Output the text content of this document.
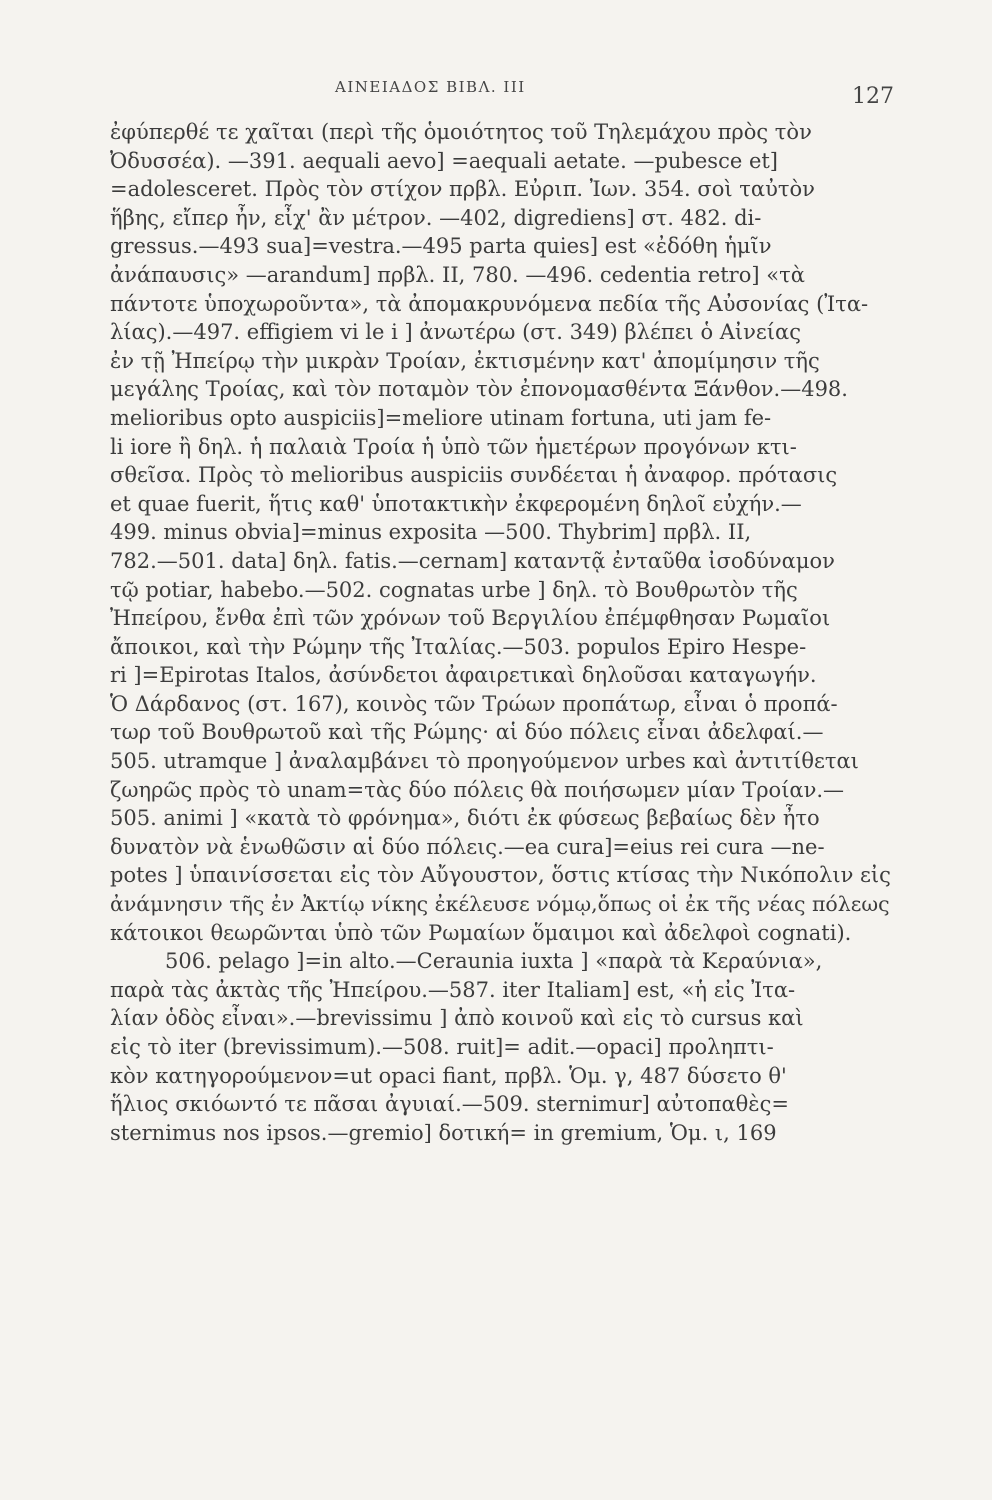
ΑΙΝΕΙΑΔΟΣ ΒΙΒΛ. III	127
ἐφύπερθέ τε χαῖται (περὶ τῆς ὁμοιότητος τοῦ Τηλεμάχου πρὸς τὸν
Ὀδυσσέα). —391. aequali aevo] =aequali aetate. —pubesce et]
=adolesceret. Πρὸς τὸν στίχον πρβλ. Εὐριπ. Ἰων. 354. σοὶ ταὐτὸν
ἥβης, εἴπερ ἦν, εἶχ' ἂν μέτρον. —402, digrediens] στ. 482. di-
gressus.—493 sua]=vestra.—495 parta quies] est «ἐδόθη ἡμῖν
ἀνάπαυσις» —arandum] πρβλ. II, 780. —496. cedentia retro] «τὰ
πάντοτε ὑποχωροῦντα», τὰ ἀπομακρυνόμενα πεδία τῆς Αὐσονίας (Ἰτα-
λίας).—497. effigiem vi le i ] ἀνωτέρω (στ. 349) βλέπει ὁ Αἰνείας
ἐν τῇ Ἠπείρῳ τὴν μικρὰν Τροίαν, ἐκτισμένην κατ' ἀπομίμησιν τῆς
μεγάλης Τροίας, καὶ τὸν ποταμὸν τὸν ἐπονομασθέντα Ξάνθον.—498.
melioribus opto auspiciis]=meliore utinam fortuna, uti jam fe-
li iore ἢ δηλ. ἡ παλαιὰ Τροία ἡ ὑπὸ τῶν ἡμετέρων προγόνων κτι-
σθεῖσα. Πρὸς τὸ melioribus auspiciis συνδέεται ἡ ἀναφορ. πρότασις
et quae fuerit, ἥτις καθ' ὑποτακτικὴν ἐκφερομένη δηλοῖ εὐχήν.—
499. minus obvia]=minus exposita —500. Thybrim] πρβλ. II,
782.—501. data] δηλ. fatis.—cernam] καταντᾷ ἐνταῦθα ἰσοδύναμον
τῷ potiar, habebo.—502. cognatas urbe ] δηλ. τὸ Βουθρωτὸν τῆς
Ἠπείρου, ἔνθα ἐπὶ τῶν χρόνων τοῦ Βεργιλίου ἐπέμφθησαν Ρωμαῖοι
ἄποικοι, καὶ τὴν Ρώμην τῆς Ἰταλίας.—503. populos Epiro Hespe-
ri ]=Epirotas Italos, ἀσύνδετοι ἀφαιρετικαὶ δηλοῦσαι καταγωγήν.
Ὁ Δάρδανος (στ. 167), κοινὸς τῶν Τρώων προπάτωρ, εἶναι ὁ προπά-
τωρ τοῦ Βουθρωτοῦ καὶ τῆς Ρώμης· αἱ δύο πόλεις εἶναι ἀδελφαί.—
505. utramque ] ἀναλαμβάνει τὸ προηγούμενον urbes καὶ ἀντιτίθεται
ζωηρῶς πρὸς τὸ unam=τὰς δύο πόλεις θὰ ποιήσωμεν μίαν Τροίαν.—
505. animi ] «κατὰ τὸ φρόνημα», διότι ἐκ φύσεως βεβαίως δὲν ἦτο
δυνατὸν νὰ ἑνωθῶσιν αἱ δύο πόλεις.—ea cura]=eius rei cura —ne-
potes ] ὑπαινίσσεται εἰς τὸν Αὔγουστον, ὅστις κτίσας τὴν Νικόπολιν εἰς
ἀνάμνησιν τῆς ἐν Ἀκτίῳ νίκης ἐκέλευσε νόμῳ,ὅπως οἱ ἐκ τῆς νέας πόλεως
κάτοικοι θεωρῶνται ὑπὸ τῶν Ρωμαίων ὅμαιμοι καὶ ἀδελφοὶ cognati).
506. pelago ]=in alto.—Ceraunia iuxta ] «παρὰ τὰ Κεραύνια»,
παρὰ τὰς ἀκτὰς τῆς Ἠπείρου.—587. iter Italiam] est, «ἡ εἰς Ἰτα-
λίαν ὁδὸς εἶναι».—brevissimu ] ἀπὸ κοινοῦ καὶ εἰς τὸ cursus καὶ
εἰς τὸ iter (brevissimum).—508. ruit]= adit.—opaci] προληπτι-
κὸν κατηγορούμενον=ut opaci fiant, πρβλ. Ὁμ. γ, 487 δύσετο θ'
ἥλιος σκιόωντό τε πᾶσαι ἀγυιαί.—509. sternimur] αὐτοπαθὲς=
sternimus nos ipsos.—gremio] δοτική= in gremium, Ὁμ. ι, 169
